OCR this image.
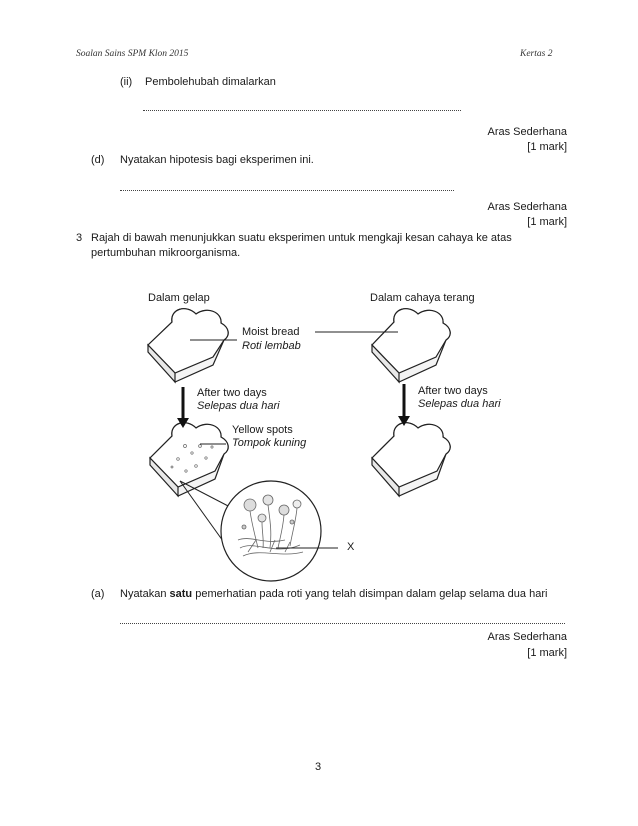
Soalan Sains SPM Klon 2015	Kertas 2
(ii) Pembolehubah dimalarkan
Aras Sederhana
[1 mark]
(d) Nyatakan hipotesis bagi eksperimen ini.
Aras Sederhana
[1 mark]
3 Rajah di bawah menunjukkan suatu eksperimen untuk mengkaji kesan cahaya ke atas
pertumbuhan mikroorganisma.
Dalam gelap	Dalam cahaya terang
Moist bread
Roti lembab
After two days
Selepas dua hari
After two days
Selepas dua hari
Yellow spots
Tompok kuning
X
(a) Nyatakan satu pemerhatian pada roti yang telah disimpan dalam gelap selama dua hari
Aras Sederhana
[1 mark]
3
